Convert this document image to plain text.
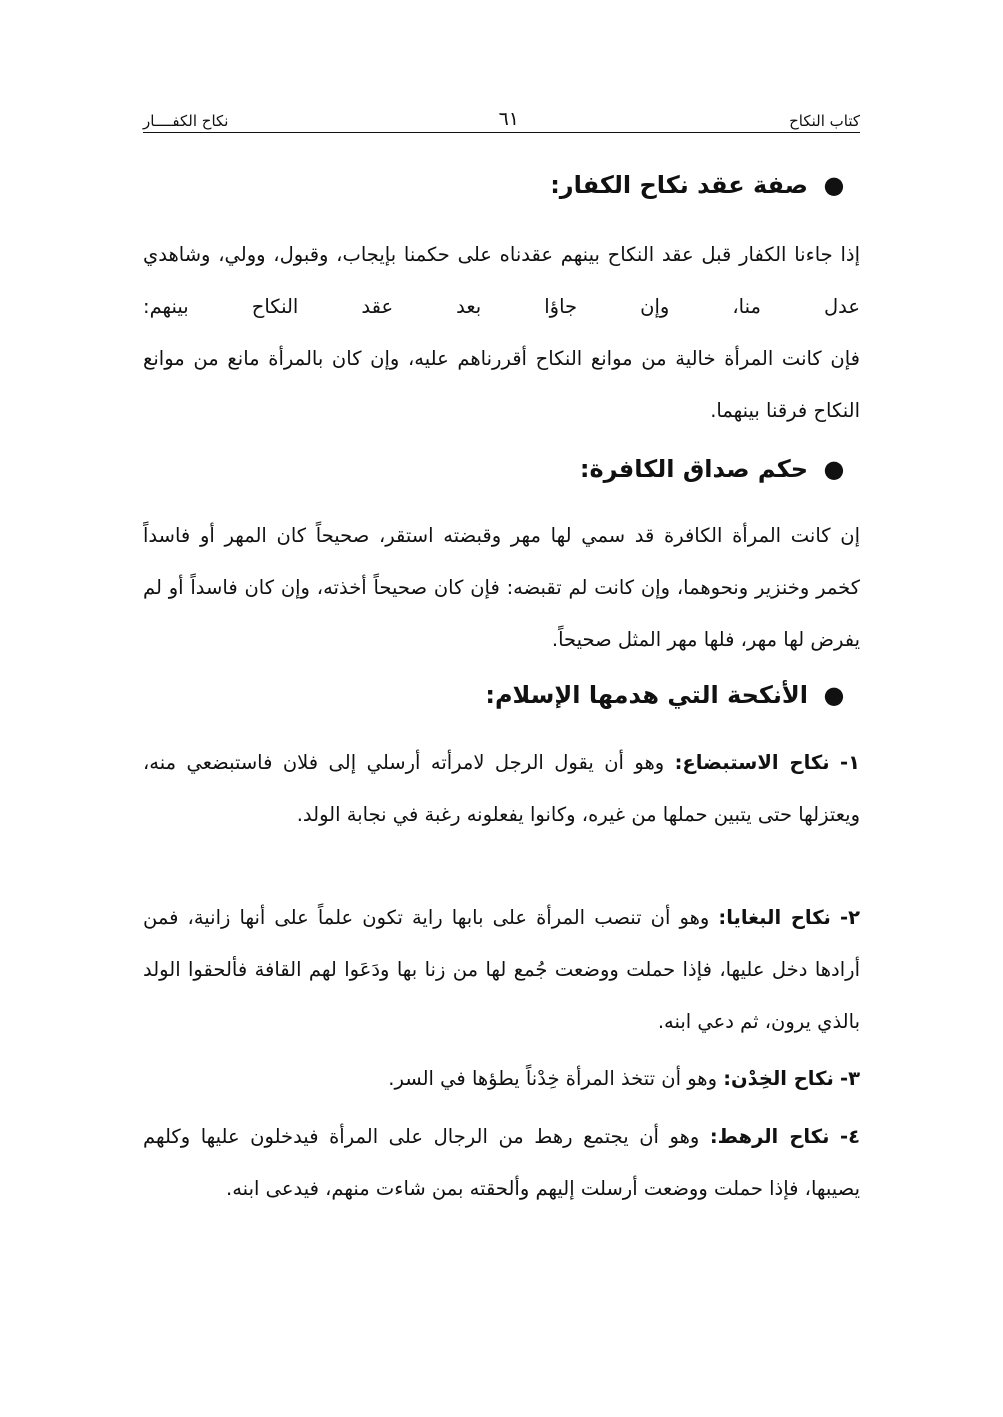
كتاب النكاح
٦١
نكاح الكفــــار
●
صفة عقد نكاح الكفار:
إذا جاءنا الكفار قبل عقد النكاح بينهم عقدناه على حكمنا بإيجاب، وقبول، وولي، وشاهدي عدل منا، وإن جاؤا بعد عقد النكاح بينهم:
فإن كانت المرأة خالية من موانع النكاح أقررناهم عليه، وإن كان بالمرأة مانع من موانع النكاح فرقنا بينهما.
●
حكم صداق الكافرة:
إن كانت المرأة الكافرة قد سمي لها مهر وقبضته استقر، صحيحاً كان المهر أو فاسداً كخمر وخنزير ونحوهما، وإن كانت لم تقبضه: فإن كان صحيحاً أخذته، وإن كان فاسداً أو لم يفرض لها مهر، فلها مهر المثل صحيحاً.
●
الأنكحة التي هدمها الإسلام:
١- نكاح الاستبضاع: وهو أن يقول الرجل لامرأته أرسلي إلى فلان فاستبضعي منه، ويعتزلها حتى يتبين حملها من غيره، وكانوا يفعلونه رغبة في نجابة الولد.
٢- نكاح البغايا: وهو أن تنصب المرأة على بابها راية تكون علماً على أنها زانية، فمن أرادها دخل عليها، فإذا حملت ووضعت جُمع لها من زنا بها ودَعَوا لهم القافة فألحقوا الولد بالذي يرون، ثم دعي ابنه.
٣- نكاح الخِدْن: وهو أن تتخذ المرأة خِدْناً يطؤها في السر.
٤- نكاح الرهط: وهو أن يجتمع رهط من الرجال على المرأة فيدخلون عليها وكلهم يصيبها، فإذا حملت ووضعت أرسلت إليهم وألحقته بمن شاءت منهم، فيدعى ابنه.
